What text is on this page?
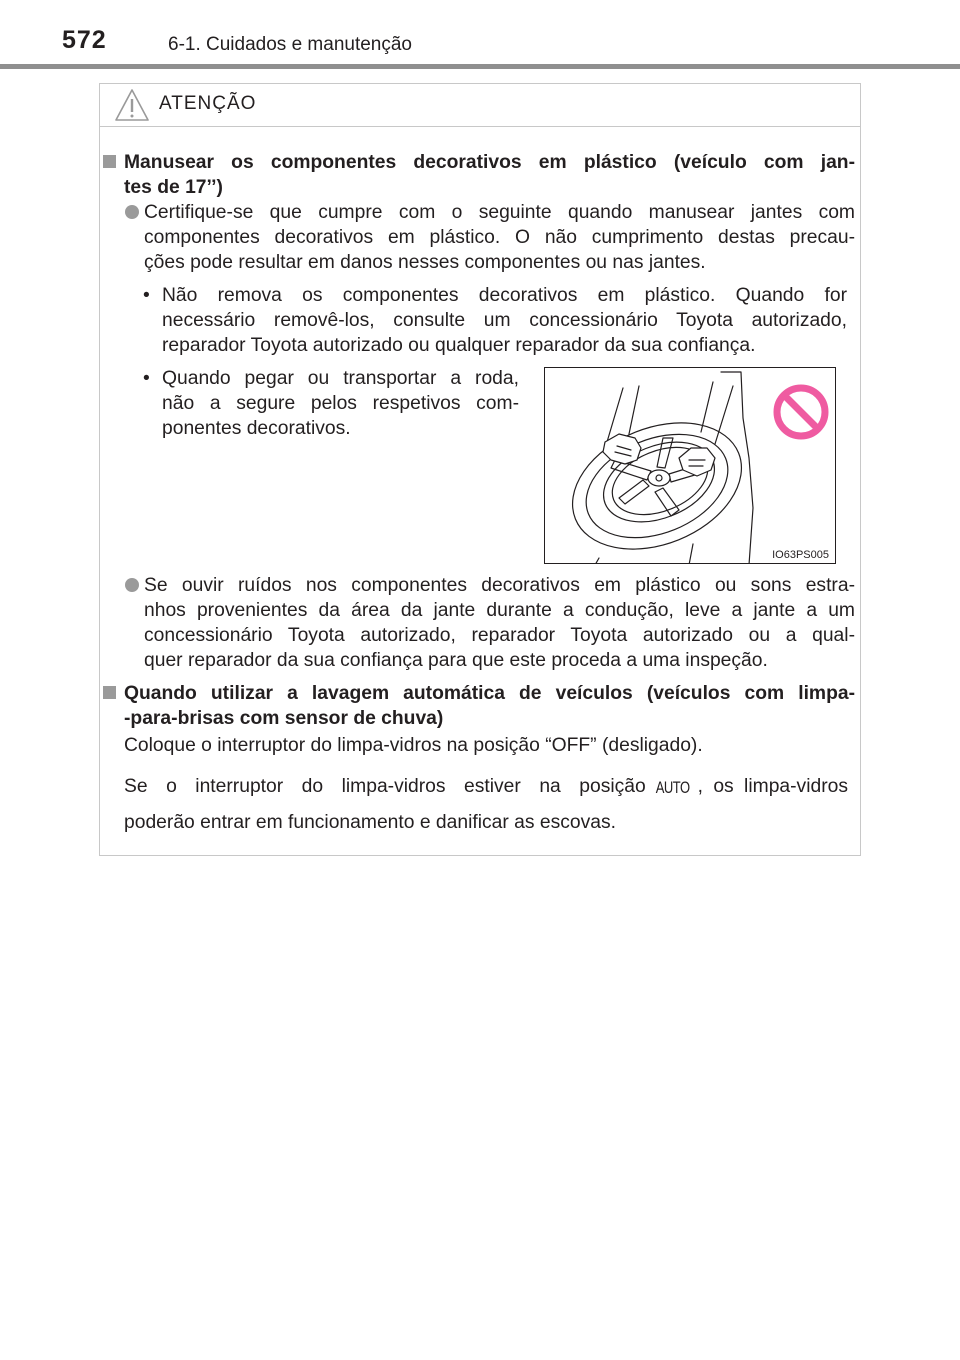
572	6-1. Cuidados e manutenção
ATENÇÃO
Manusear os componentes decorativos em plástico (veículo com jan-
tes de 17’’)
Certifique-se que cumpre com o seguinte quando manusear jantes com
componentes decorativos em plástico. O não cumprimento destas precau-
ções pode resultar em danos nesses componentes ou nas jantes.
• Não remova os componentes decorativos em plástico. Quando for
necessário removê-los, consulte um concessionário Toyota autorizado,
reparador Toyota autorizado ou qualquer reparador da sua confiança.
• Quando pegar ou transportar a roda,
não a segure pelos respetivos com-
ponentes decorativos.
IO63PS005
Se ouvir ruídos nos componentes decorativos em plástico ou sons estra-
nhos provenientes da área da jante durante a condução, leve a jante a um
concessionário Toyota autorizado, reparador Toyota autorizado ou a qual-
quer reparador da sua confiança para que este proceda a uma inspeção.
Quando utilizar a lavagem automática de veículos (veículos com limpa-
-para-brisas com sensor de chuva)
Coloque o interruptor do limpa-vidros na posição “OFF” (desligado).
Se o interruptor do limpa-vidros estiver na posição AUTO , os limpa-vidros
poderão entrar em funcionamento e danificar as escovas.
